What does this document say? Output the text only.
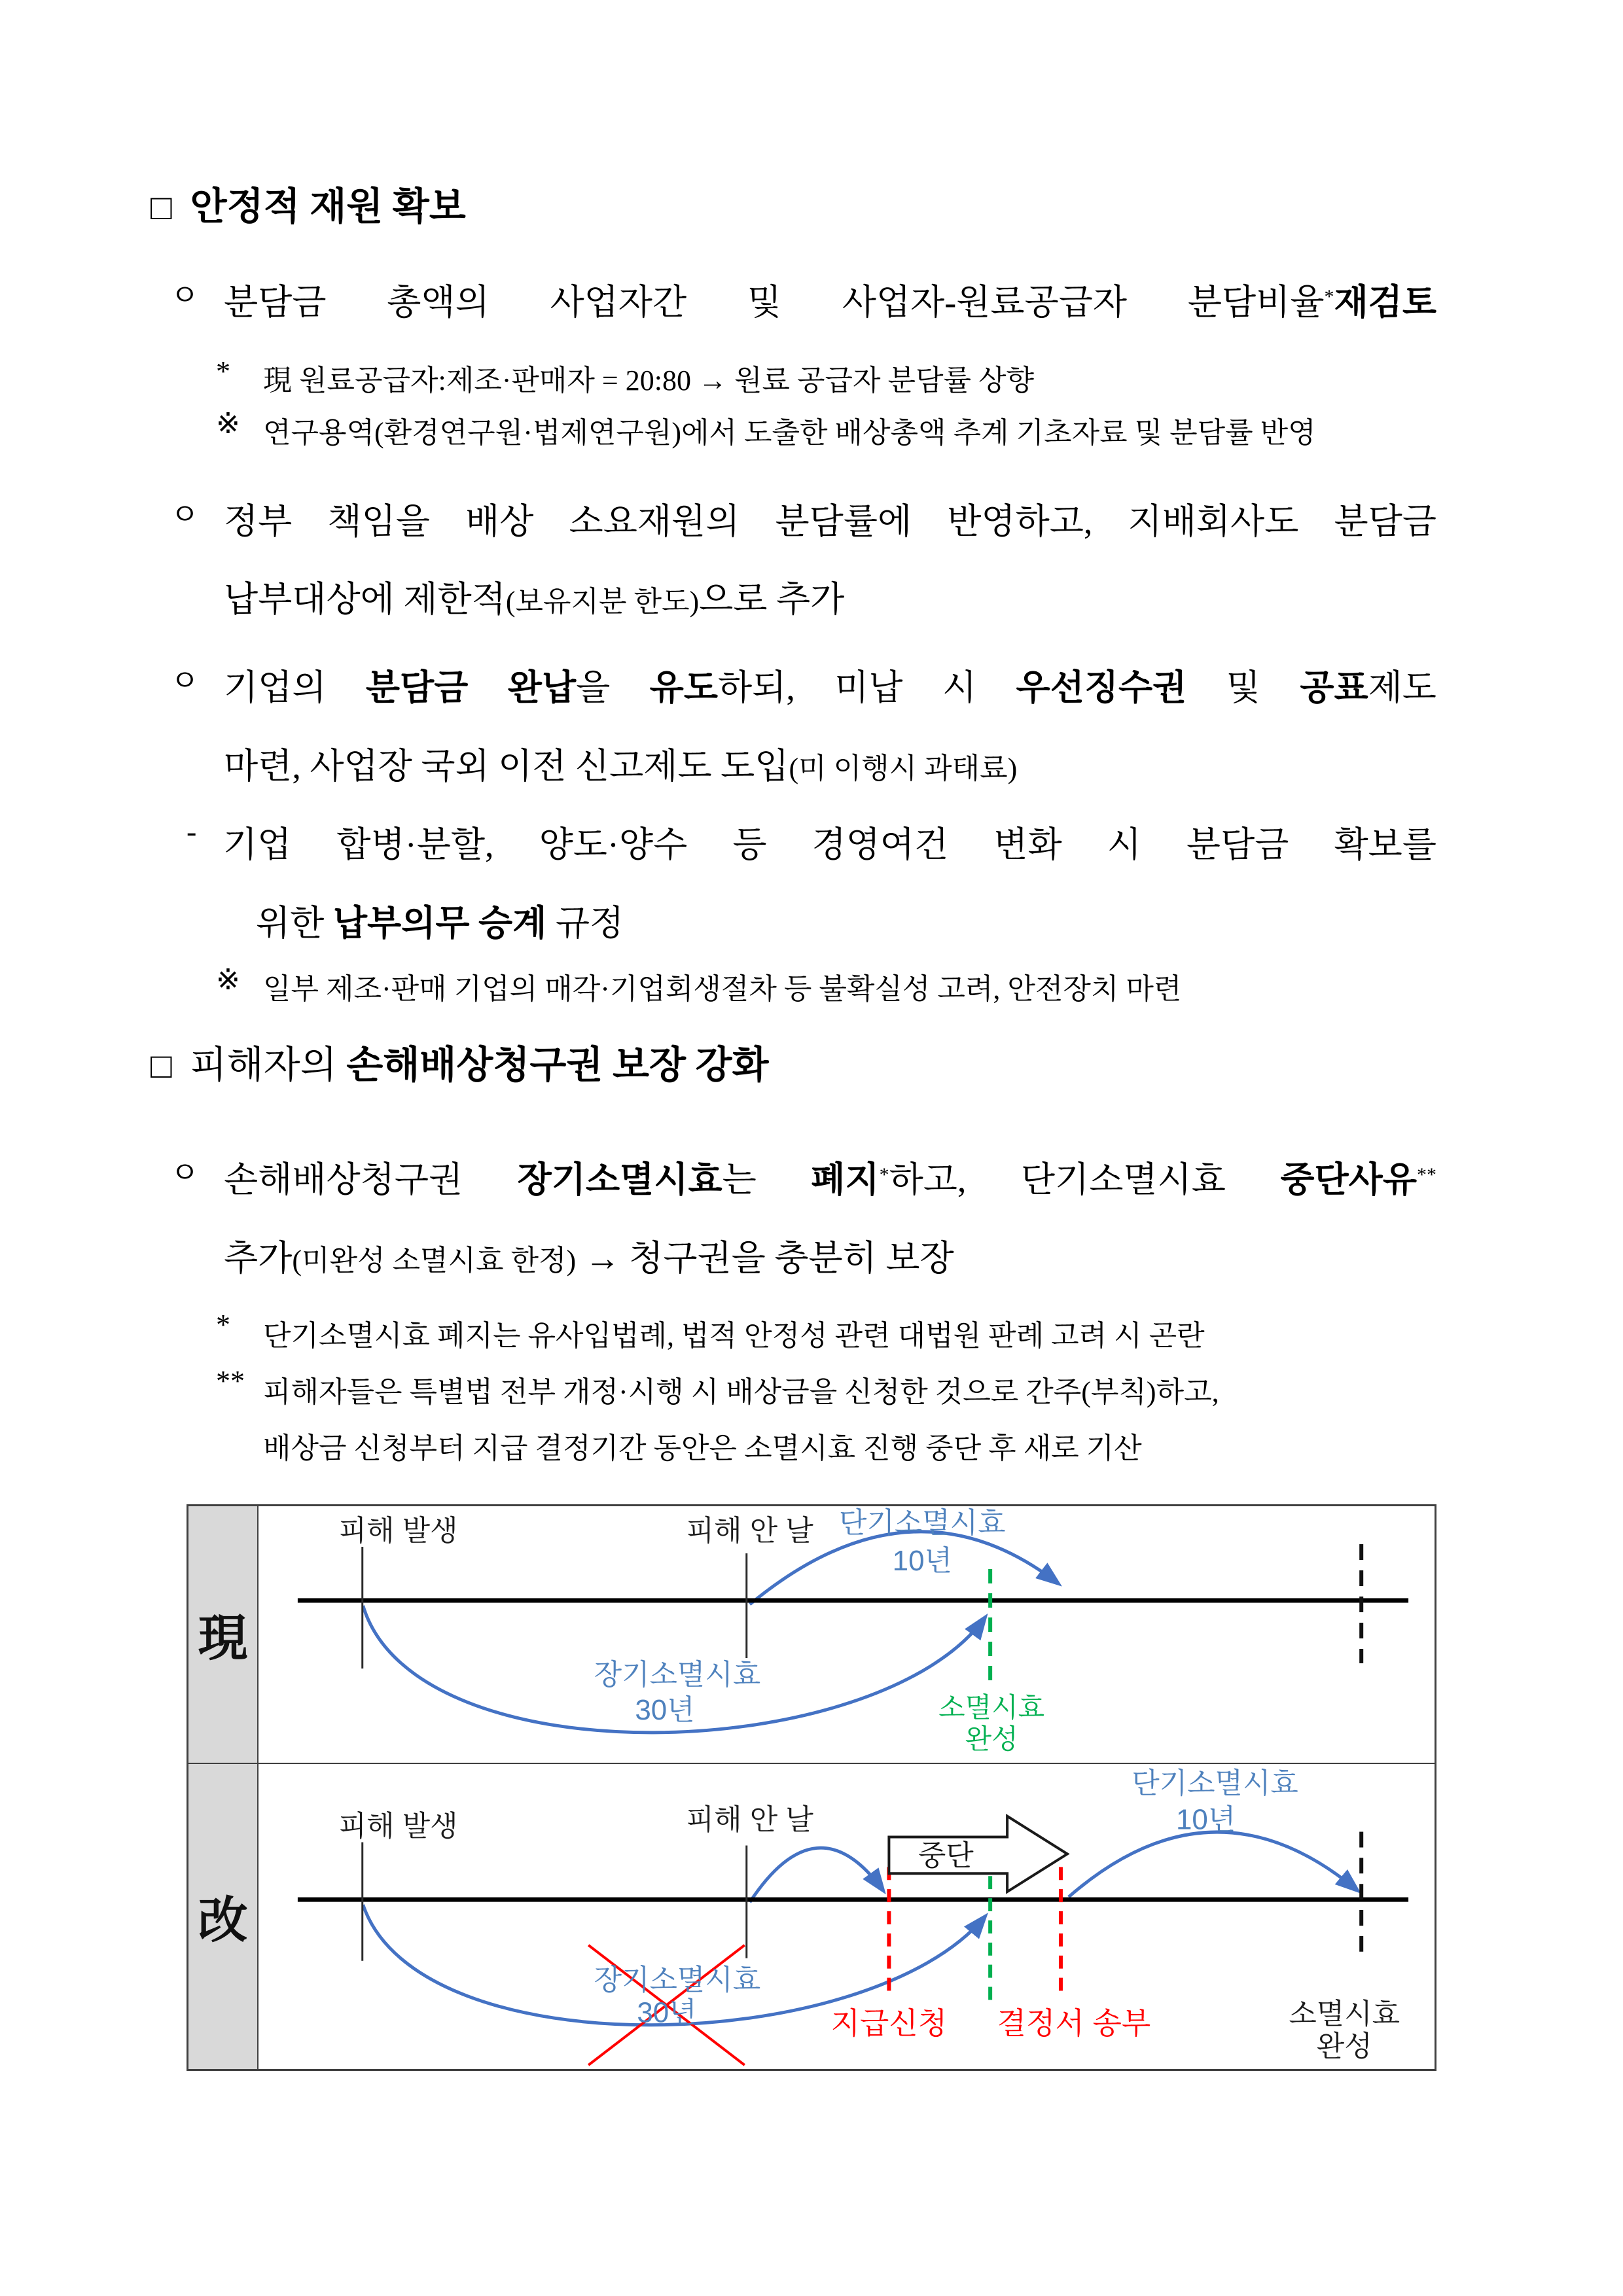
□ 안정적 재원 확보
ㅇ 분담금 총액의 사업자간 및 사업자-원료공급자 분담비율*재검토
*	現 원료공급자:제조·판매자 = 20:80 → 원료 공급자 분담률 상향
※ 연구용역(환경연구원·법제연구원)에서 도출한 배상총액 추계 기초자료 및 분담률 반영
ㅇ 정부 책임을 배상 소요재원의 분담률에 반영하고, 지배회사도 분담금
납부대상에 제한적(보유지분 한도)으로 추가
ㅇ 기업의 분담금 완납을 유도하되, 미납 시 우선징수권 및 공표제도
마련, 사업장 국외 이전 신고제도 도입(미 이행시 과태료)
- 기업 합병·분할, 양도·양수 등 경영여건 변화 시 분담금 확보를
위한 납부의무 승계 규정
※ 일부 제조·판매 기업의 매각·기업회생절차 등 불확실성 고려, 안전장치 마련
□ 피해자의 손해배상청구권 보장 강화
ㅇ 손해배상청구권 장기소멸시효는 폐지*하고, 단기소멸시효 중단사유**
추가(미완성 소멸시효 한정) → 청구권을 충분히 보장
*	단기소멸시효 폐지는 유사입법례, 법적 안정성 관련 대법원 판례 고려 시 곤란
** 피해자들은 특별법 전부 개정·시행 시 배상금을 신청한 것으로 간주(부칙)하고,
배상금 신청부터 지급 결정기간 동안은 소멸시효 진행 중단 후 새로 기산
現
피해 발생	피해 안 날 단기소멸시효
10년
장기소멸시효
30년	소멸시효
완성
改
중단
피해 발생	피해 안 날
단기소멸시효
10년
장기소멸시효
30년	지급신청 결정서 송부	소멸시효
완성
